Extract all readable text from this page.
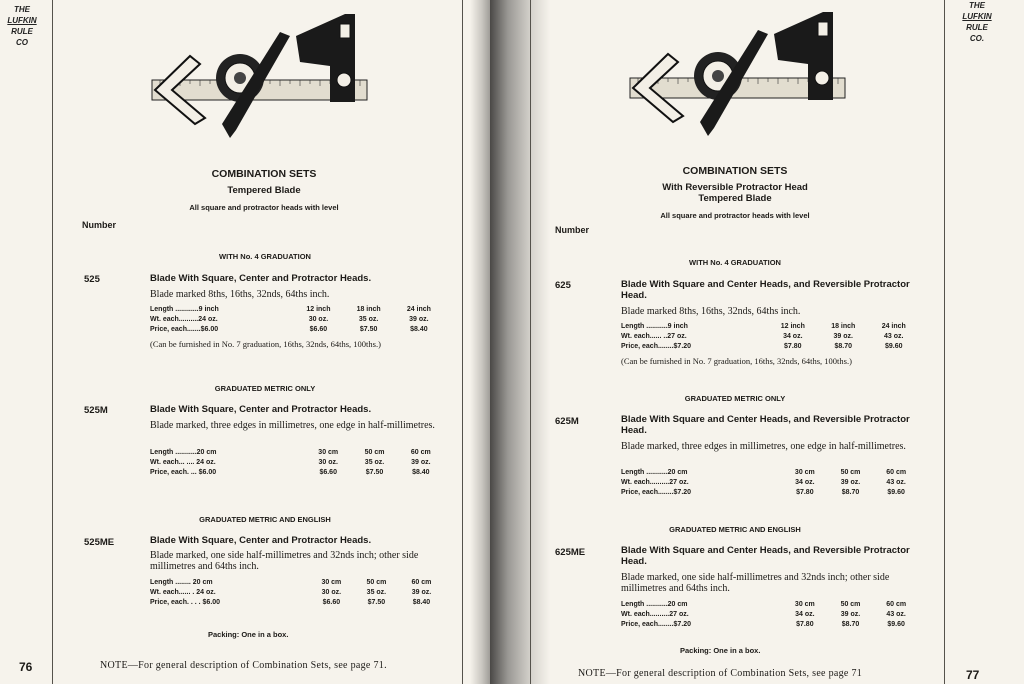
THE
LUFKIN
RULE
CO
76
COMBINATION SETS
Tempered Blade
All square and protractor heads with level
Number
WITH No. 4 GRADUATION
525	Blade With Square, Center and Protractor Heads.
Blade marked 8ths, 16ths, 32nds, 64ths inch.
Length ............9 inch	12 inch	18 inch	24 inch
Wt. each..........24 oz.	30 oz.	35 oz.	39 oz.
Price, each.......$6.00	$6.60	$7.50	$8.40
(Can be furnished in No. 7 graduation, 16ths, 32nds, 64ths, 100ths.)
GRADUATED METRIC ONLY
525M	Blade With Square, Center and Protractor Heads.
Blade marked, three edges in millimetres, one edge in half-millimetres.
Length ...........20 cm	30 cm	50 cm	60 cm
Wt. each... .... 24 oz.	30 oz.	35 oz.	39 oz.
Price, each. ... $6.00	$6.60	$7.50	$8.40
GRADUATED METRIC AND ENGLISH
525ME	Blade With Square, Center and Protractor Heads.
Blade marked, one side half-millimetres and 32nds inch; other side millimetres and 64ths inch.
Length ........ 20 cm	30 cm	50 cm	60 cm
Wt. each...... . 24 oz.	30 oz.	35 oz.	39 oz.
Price, each. . . . $6.00	$6.60	$7.50	$8.40
Packing: One in a box.
NOTE—For general description of Combination Sets, see page 71.
THE
LUFKIN
RULE
CO.
77
COMBINATION SETS
With Reversible Protractor Head
Tempered Blade
All square and protractor heads with level
Number
WITH No. 4 GRADUATION
625	Blade With Square and Center Heads, and Reversible Protractor Head.
Blade marked 8ths, 16ths, 32nds, 64ths inch.
Length ...........9 inch	12 inch	18 inch	24 inch
Wt. each...... ..27 oz.	34 oz.	39 oz.	43 oz.
Price, each........$7.20	$7.80	$8.70	$9.60
(Can be furnished in No. 7 graduation, 16ths, 32nds, 64ths, 100ths.)
GRADUATED METRIC ONLY
625M	Blade With Square and Center Heads, and Reversible Protractor Head.
Blade marked, three edges in millimetres, one edge in half-millimetres.
Length ...........20 cm	30 cm	50 cm	60 cm
Wt. each..........27 oz.	34 oz.	39 oz.	43 oz.
Price, each........$7.20	$7.80	$8.70	$9.60
GRADUATED METRIC AND ENGLISH
625ME	Blade With Square and Center Heads, and Reversible Protractor Head.
Blade marked, one side half-millimetres and 32nds inch; other side millimetres and 64ths inch.
Length ...........20 cm	30 cm	50 cm	60 cm
Wt. each..........27 oz.	34 oz.	39 oz.	43 oz.
Price, each........$7.20	$7.80	$8.70	$9.60
Packing: One in a box.
NOTE—For general description of Combination Sets, see page 71
